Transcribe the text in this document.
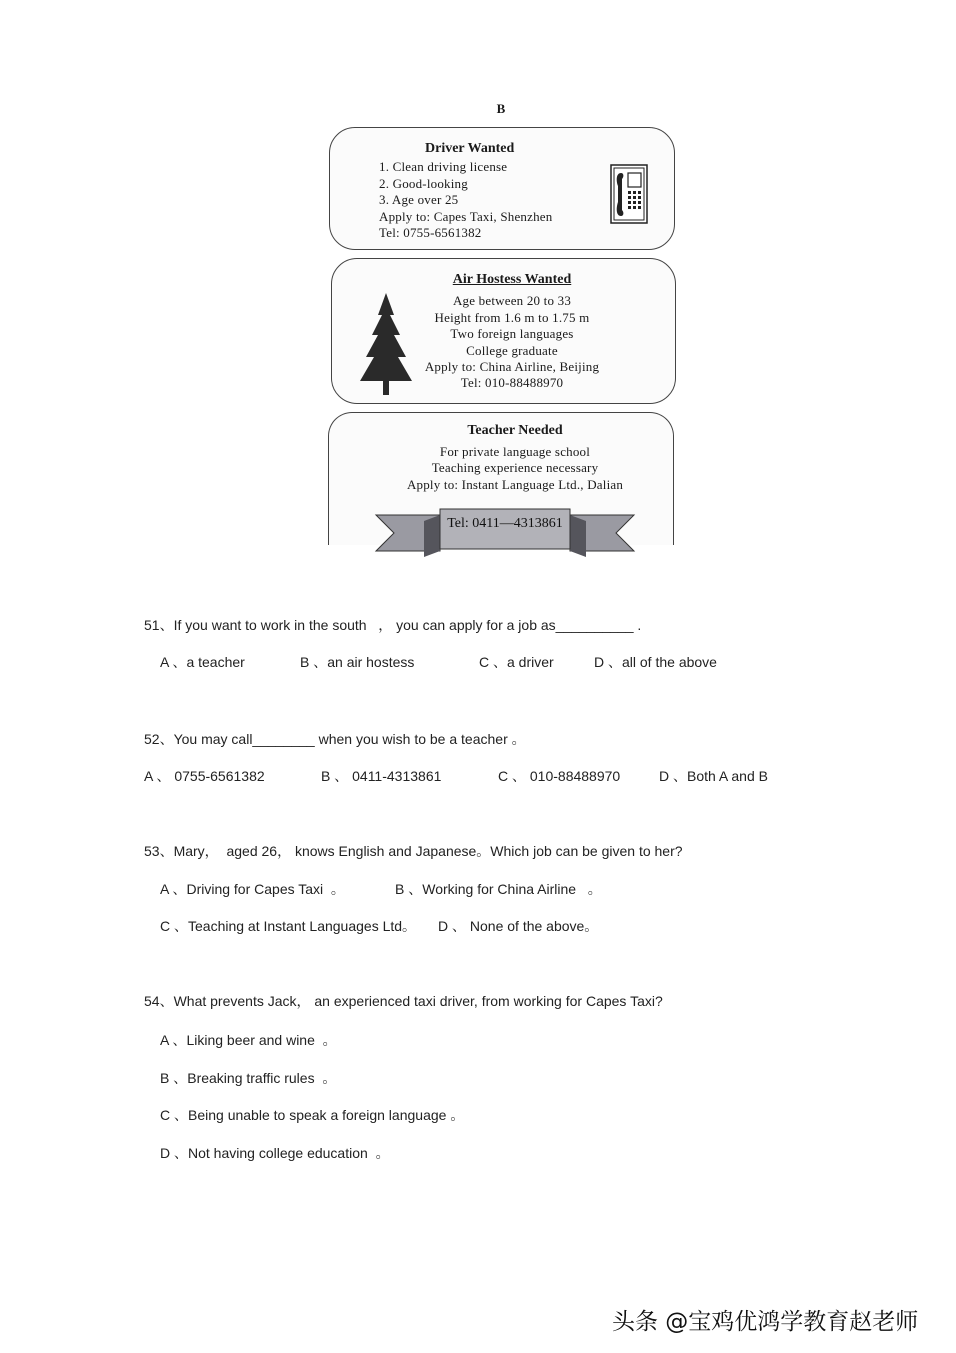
B
Driver Wanted
1. Clean driving license
2. Good-looking
3. Age over 25
Apply to: Capes Taxi, Shenzhen
Tel: 0755-6561382
Air Hostess Wanted
Age between 20 to 33
Height from 1.6 m to 1.75 m
Two foreign languages
College graduate
Apply to: China Airline, Beijing
Tel: 010-88488970
Teacher Needed
For private language school
Teaching experience necessary
Apply to: Instant Language Ltd., Dalian
Tel: 0411—4313861
51、If you want to work in the south   ， you can apply for a job as__________ .
A 、a teacher	B 、an air hostess	C 、a driver	D 、all of the above
52、You may call________ when you wish to be a teacher 。
A 、 0755-6561382	B 、 0411-4313861	C 、 010-88488970	D 、Both A and B
53、Mary，  aged 26， knows English and Japanese。Which job can be given to her?
A 、Driving for Capes Taxi  。	B 、Working for China Airline   。
C 、Teaching at Instant Languages Ltd。 D 、 None of the above。
54、What prevents Jack， an experienced taxi driver, from working for Capes Taxi?
A 、Liking beer and wine  。
B 、Breaking traffic rules  。
C 、Being unable to speak a foreign language 。
D 、Not having college education  。
头条 @宝鸡优鸿学教育赵老师
